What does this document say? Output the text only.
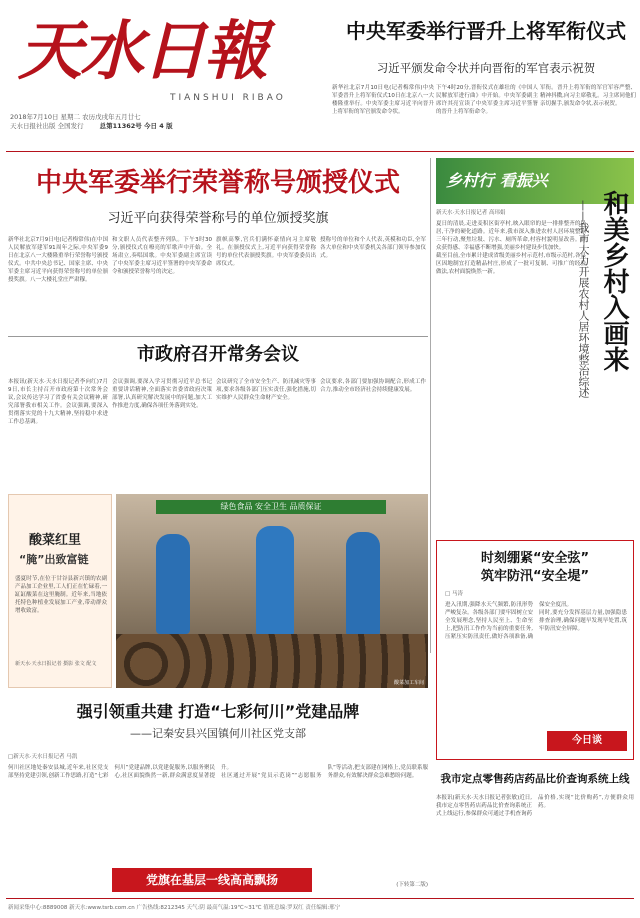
天水日報
TIANSHUI RIBAO
2018年7月10日 星期二 农历戊戌年五月廿七
天水日报社出版 全国发行 总第11362号 今日 4 版
中央军委举行晋升上将军衔仪式
习近平颁发命令状并向晋衔的军官表示祝贺
新华社北京7月10日电(记者梅常伟)中央军委晋升上将军衔仪式10日在北京八一大楼隆重举行。中央军委主席习近平向晋升上将军衔的军官颁发命令状。
下午4时20分,晋衔仪式在雄壮的《中国人民解放军进行曲》中开始。中央军委副主席许其亮宣读了中央军委主席习近平签署的晋升上将军衔命令。
军衔。晋升上将军衔的军官军容严整、精神抖擞,向习主席敬礼。习主席同他们亲切握手,颁发命令状,表示祝贺。
中央军委举行荣誉称号颁授仪式
习近平向获得荣誉称号的单位颁授奖旗
新华社北京7月9日电(记者梅常伟)在中国人民解放军建军91周年之际,中央军委9日在北京八一大楼隆重举行荣誉称号颁授仪式。中共中央总书记、国家主席、中央军委主席习近平向获得荣誉称号的单位颁授奖旗。八一大楼礼堂庄严肃穆。
和文职人员代表整齐列队。下午3时30分,颁授仪式在嘹亮的军歌声中开始。全场肃立,奏唱国歌。中央军委副主席宣读了中央军委主席习近平签署的中央军委命令和颁授荣誉称号的决定。
旗帜高擎,官兵们满怀豪情向习主席敬礼。在颁授仪式上,习近平向获得荣誉称号的单位代表颁授奖旗。中央军委委员出席仪式。
授称号的单位和个人代表,英模和功臣,全军各大单位和中央军委机关各部门领导参加仪式。
乡村行 看振兴
新天水·天水日报记者 高玮娟
夏日的清晨,走进麦积区街亭村,映入眼帘的是一排排整齐的民居,干净的硬化道路。近年来,我市深入推进农村人居环境整治三年行动,聚焦垃圾、污水、厕所革命,村容村貌明显改善。群众获得感、幸福感不断增强,美丽乡村建设步伐加快。
截至目前,全市累计建成省级美丽乡村示范村,市级示范村,各县区因地制宜打造精品村庄,形成了一批可复制、可推广的经验做法,农村面貌焕然一新。	和美乡村入画来
——我市大力开展农村人居环境整治综述
市政府召开常务会议
本报讯(新天水·天水日报记者李向红)7月9日,市长主持召开市政府第十次常务会议,会议传达学习了省委有关会议精神,研究部署我市相关工作。会议强调,要深入贯彻落实党的十九大精神,坚持稳中求进工作总基调。
会议强调,要深入学习贯彻习近平总书记重要讲话精神,全面落实省委省政府决策部署,认真研究解决发展中的问题,加大工作推进力度,确保各项任务落到实处。
会议研究了全市安全生产、防汛减灾等事项,要求各级各部门压实责任,强化措施,切实维护人民群众生命财产安全。
会议要求,各部门要加强协调配合,形成工作合力,推动全市经济社会持续健康发展。
酸菜红里
“腌”出致富链
盛夏时节,在位于甘谷县新兴镇的农副产品加工企业里,工人们正在忙碌着,一缸缸酸菜在这里腌制。近年来,当地依托特色种植业发展加工产业,带动群众增收致富。
新天水·天水日报记者 摄影 张文 配文
绿色食品 安全卫生 品质保证
酸菜加工车间
强引领重共建 打造“七彩何川”党建品牌
——记秦安县兴国镇何川社区党支部
□新天水·天水日报记者 马凯
何川社区地处秦安县城,近年来,社区党支部坚持党建引领,创新工作思路,打造“七彩何川”党建品牌,以党建促服务,以服务聚民心,社区面貌焕然一新,群众满意度显著提升。
社区通过开展“党员示范岗”“志愿服务队”等活动,把支部建在网格上,党员联系服务群众,有效解决群众急难愁盼问题。
党旗在基层一线高高飘扬	(下转第二版)
时刻绷紧“安全弦”
筑牢防汛“安全堤”
□ 马涛
进入汛期,强降水天气频繁,防汛形势严峻复杂。各级各部门要牢固树立安全发展理念,坚持人民至上、生命至上,把防汛工作作为当前的重要任务,压紧压实防汛责任,做好各项准备,确保安全度汛。
同时,要充分发挥基层力量,加强隐患排查治理,确保问题早发现早处置,筑牢防汛安全屏障。
今日谈
我市定点零售药店药品比价查询系统上线
本报讯(新天水·天水日报记者张敏)近日,我市定点零售药店药品比价查询系统正式上线运行,参保群众可通过手机查询药品价格,实现“比价购药”,方便群众用药。
新闻采集中心:8889008 新天水:www.tsrb.com.cn 广告热线:8212345 天气:阴 最高气温:19℃~31℃ 值班总编:罗双红 责任编辑:邢宁
